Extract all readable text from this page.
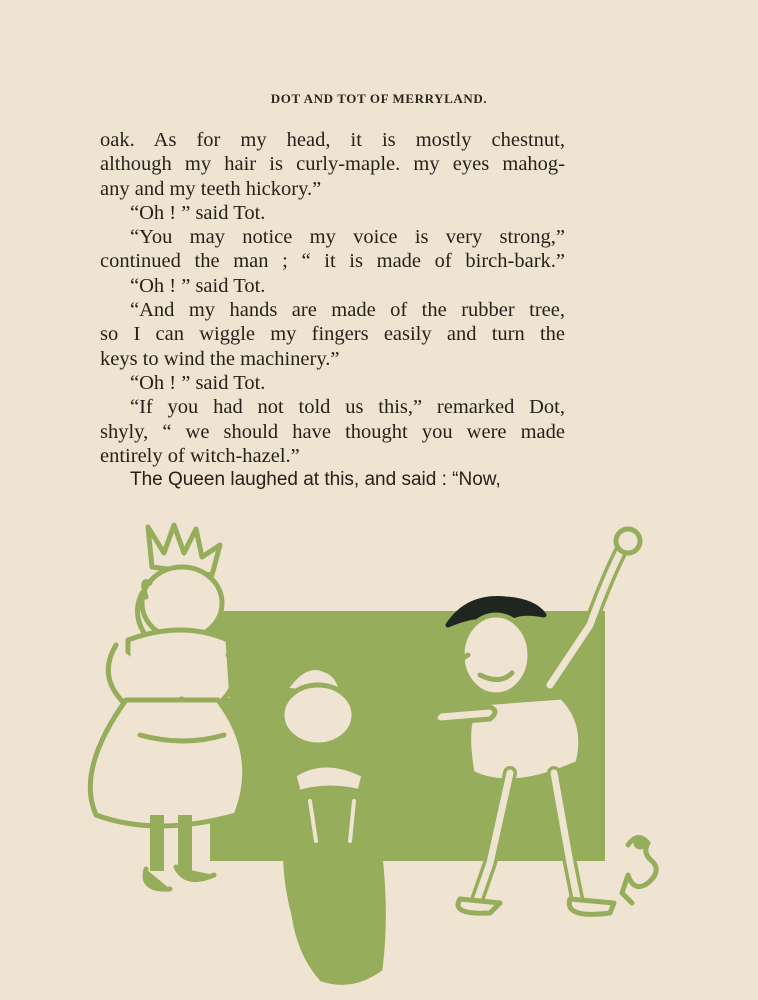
DOT AND TOT OF MERRYLAND.
oak. As for my head, it is mostly chestnut,
although my hair is curly-maple. my eyes mahog-
any and my teeth hickory.”
“Oh ! ” said Tot.
“You may notice my voice is very strong,”
continued the man ; “ it is made of birch-bark.”
“Oh ! ” said Tot.
“And my hands are made of the rubber tree,
so I can wiggle my fingers easily and turn the
keys to wind the machinery.”
“Oh ! ” said Tot.
“If you had not told us this,” remarked Dot,
shyly, “ we should have thought you were made
entirely of witch-hazel.”
The Queen laughed at this, and said : “Now,
